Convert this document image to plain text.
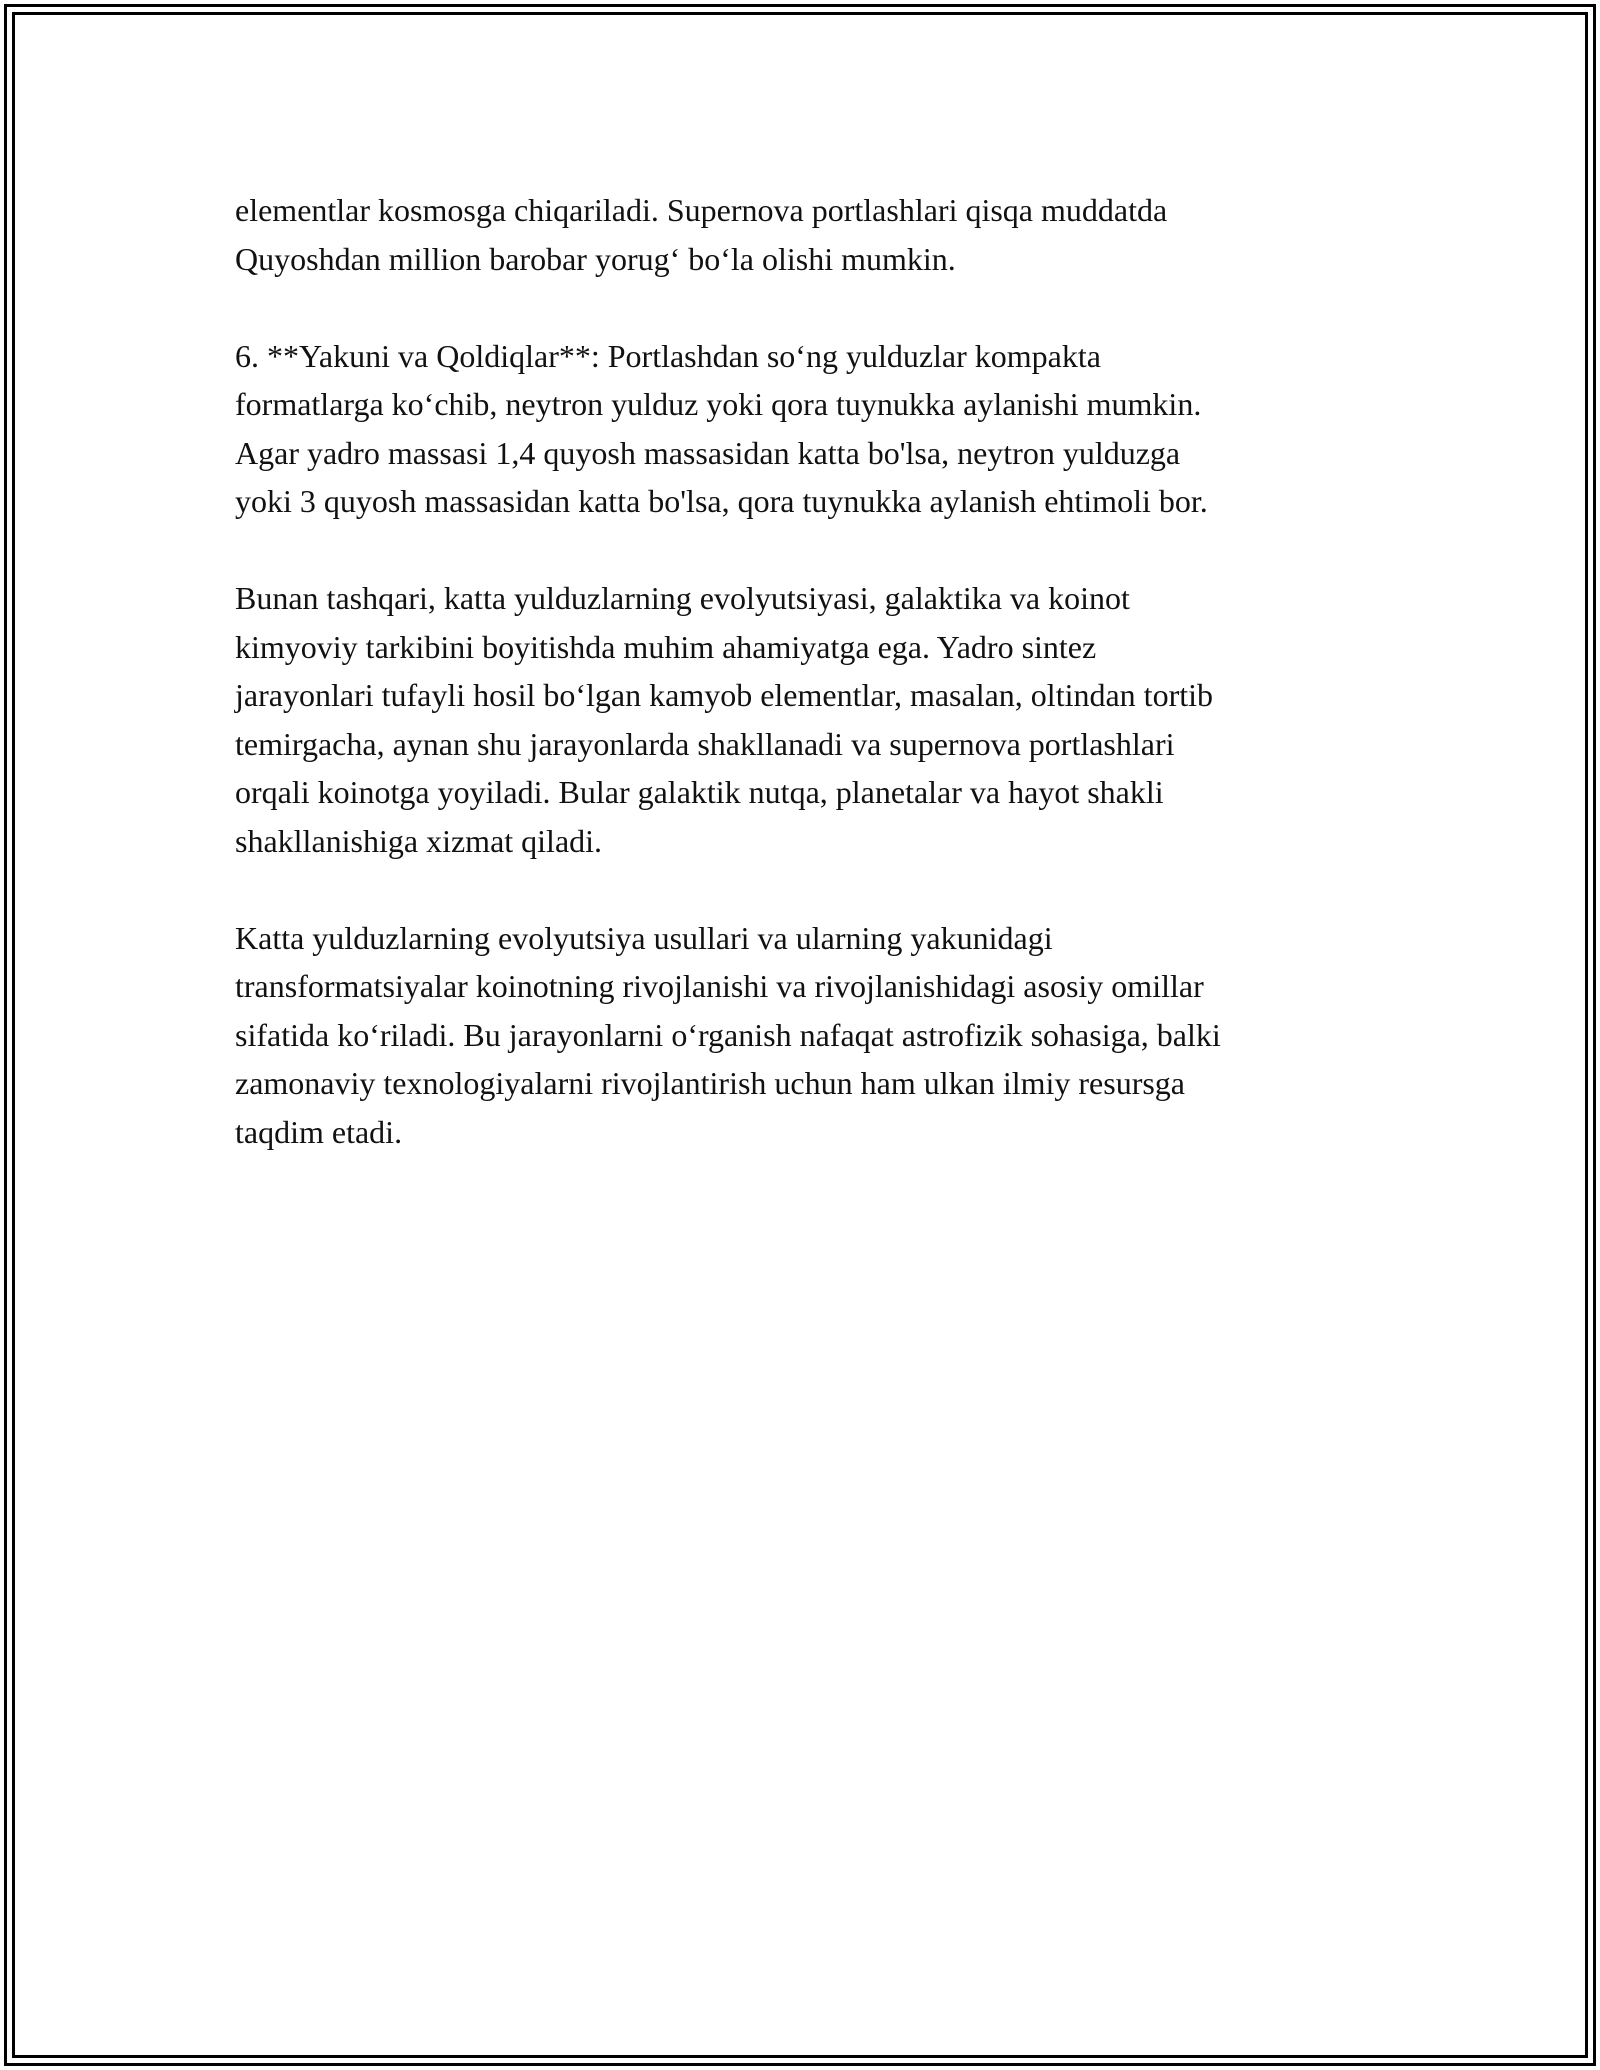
elementlar kosmosga chiqariladi. Supernova portlashlari qisqa muddatda
Quyoshdan million barobar yorug‘ bo‘la olishi mumkin.

6. **Yakuni va Qoldiqlar**: Portlashdan so‘ng yulduzlar kompakta
formatlarga ko‘chib, neytron yulduz yoki qora tuynukka aylanishi mumkin.
Agar yadro massasi 1,4 quyosh massasidan katta bo'lsa, neytron yulduzga
yoki 3 quyosh massasidan katta bo'lsa, qora tuynukka aylanish ehtimoli bor.

Bunan tashqari, katta yulduzlarning evolyutsiyasi, galaktika va koinot
kimyoviy tarkibini boyitishda muhim ahamiyatga ega. Yadro sintez
jarayonlari tufayli hosil bo‘lgan kamyob elementlar, masalan, oltindan tortib
temirgacha, aynan shu jarayonlarda shakllanadi va supernova portlashlari
orqali koinotga yoyiladi. Bular galaktik nutqa, planetalar va hayot shakli
shakllanishiga xizmat qiladi.

Katta yulduzlarning evolyutsiya usullari va ularning yakunidagi
transformatsiyalar koinotning rivojlanishi va rivojlanishidagi asosiy omillar
sifatida ko‘riladi. Bu jarayonlarni o‘rganish nafaqat astrofizik sohasiga, balki
zamonaviy texnologiyalarni rivojlantirish uchun ham ulkan ilmiy resursga
taqdim etadi.
